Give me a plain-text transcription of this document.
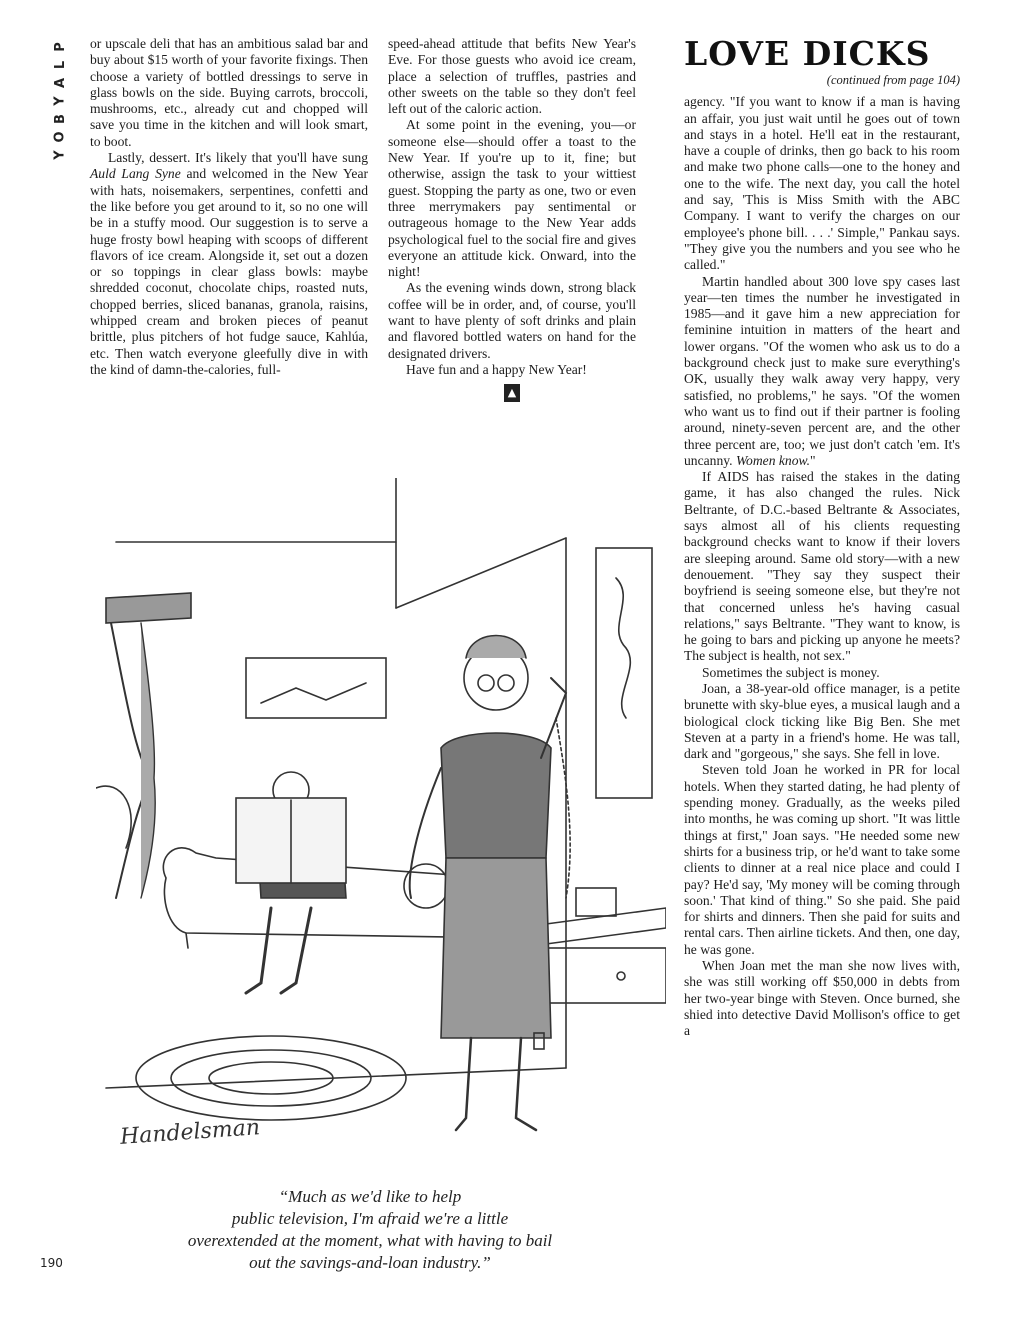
P
L
A
Y
B
O
Y

or upscale deli that has an ambitious salad bar and buy about $15 worth of your favorite fixings. Then choose a variety of bottled dressings to serve in glass bowls on the side. Buying carrots, broccoli, mushrooms, etc., already cut and chopped will save you time in the kitchen and will look smart, to boot.

Lastly, dessert. It's likely that you'll have sung Auld Lang Syne and welcomed in the New Year with hats, noisemakers, serpentines, confetti and the like before you get around to it, so no one will be in a stuffy mood. Our suggestion is to serve a huge frosty bowl heaping with scoops of different flavors of ice cream. Alongside it, set out a dozen or so toppings in clear glass bowls: maybe shredded coconut, chocolate chips, roasted nuts, chopped berries, sliced bananas, granola, raisins, whipped cream and broken pieces of peanut brittle, plus pitchers of hot fudge sauce, Kahlúa, etc. Then watch everyone gleefully dive in with the kind of damn-the-calories, full-

speed-ahead attitude that befits New Year's Eve. For those guests who avoid ice cream, place a selection of truffles, pastries and other sweets on the table so they don't feel left out of the caloric action.

At some point in the evening, you—or someone else—should offer a toast to the New Year. If you're up to it, fine; but otherwise, assign the task to your wittiest guest. Stopping the party as one, two or even three merrymakers pay sentimental or outrageous homage to the New Year adds psychological fuel to the social fire and gives everyone an attitude kick. Onward, into the night!

As the evening winds down, strong black coffee will be in order, and, of course, you'll want to have plenty of soft drinks and plain and flavored bottled waters on hand for the designated drivers.

Have fun and a happy New Year!

▲
LOVE DICKS
(continued from page 104)

agency. "If you want to know if a man is having an affair, you just wait until he goes out of town and stays in a hotel. He'll eat in the restaurant, have a couple of drinks, then go back to his room and make two phone calls—one to the honey and one to the wife. The next day, you call the hotel and say, 'This is Miss Smith with the ABC Company. I want to verify the charges on our employee's phone bill. . . .' Simple," Pankau says. "They give you the numbers and you see who he called."

Martin handled about 300 love spy cases last year—ten times the number he investigated in 1985—and it gave him a new appreciation for feminine intuition in matters of the heart and lower organs. "Of the women who ask us to do a background check just to make sure everything's OK, usually they walk away very happy, very satisfied, no problems," he says. "Of the women who want us to find out if their partner is fooling around, ninety-seven percent are, and the other three percent are, too; we just don't catch 'em. It's uncanny. Women know."

If AIDS has raised the stakes in the dating game, it has also changed the rules. Nick Beltrante, of D.C.-based Beltrante & Associates, says almost all of his clients requesting background checks want to know if their lovers are sleeping around. Same old story—with a new denouement. "They say they suspect their boyfriend is seeing someone else, but they're not that concerned unless he's having casual relations," says Beltrante. "They want to know, is he going to bars and picking up anyone he meets? The subject is health, not sex."

Sometimes the subject is money.

Joan, a 38-year-old office manager, is a petite brunette with sky-blue eyes, a musical laugh and a biological clock ticking like Big Ben. She met Steven at a party in a friend's home. He was tall, dark and "gorgeous," she says. She fell in love.

Steven told Joan he worked in PR for local hotels. When they started dating, he had plenty of spending money. Gradually, as the weeks piled into months, he was coming up short. "It was little things at first," Joan says. "He needed some new shirts for a business trip, or he'd want to take some clients to dinner at a real nice place and could I pay? He'd say, 'My money will be coming through soon.' That kind of thing." So she paid. She paid for shirts and dinners. Then she paid for suits and rental cars. Then airline tickets. And then, one day, he was gone.

When Joan met the man she now lives with, she was still working off $50,000 in debts from her two-year binge with Steven. Once burned, she shied into detective David Mollison's office to get a

Handelsman
“Much as we'd like to help
public television, I'm afraid we're a little
overextended at the moment, what with having to bail
out the savings-and-loan industry.”
190
